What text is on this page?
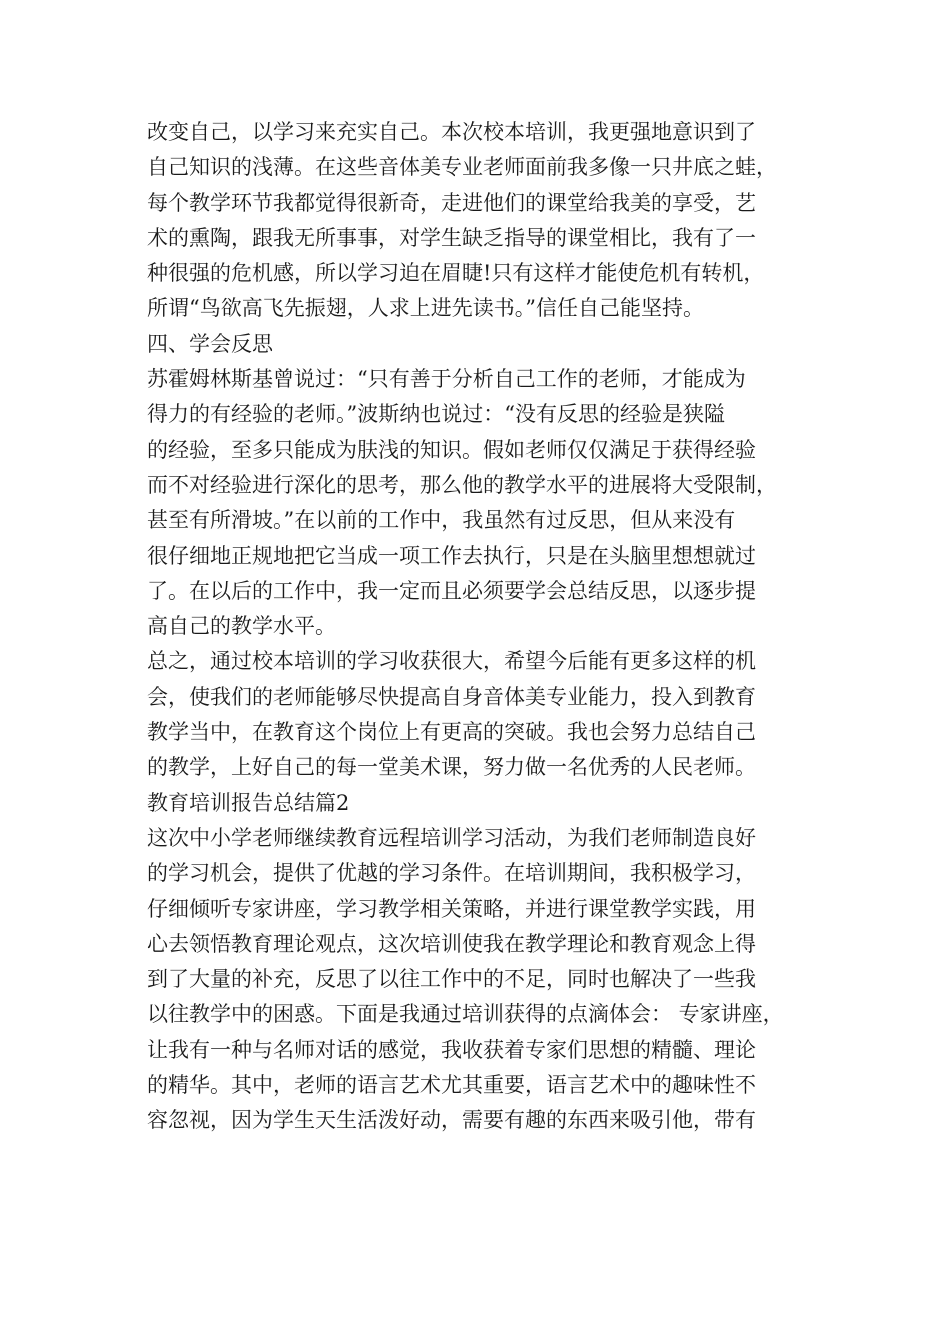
改变自己，以学习来充实自己。本次校本培训，我更强地意识到了
自己知识的浅薄。在这些音体美专业老师面前我多像一只井底之蛙，
每个教学环节我都觉得很新奇，走进他们的课堂给我美的享受，艺
术的熏陶，跟我无所事事，对学生缺乏指导的课堂相比，我有了一
种很强的危机感，所以学习迫在眉睫!只有这样才能使危机有转机，
所谓“鸟欲高飞先振翅，人求上进先读书。”信任自己能坚持。
四、学会反思
苏霍姆林斯基曾说过：“只有善于分析自己工作的老师，才能成为
得力的有经验的老师。”波斯纳也说过：“没有反思的经验是狭隘
的经验，至多只能成为肤浅的知识。假如老师仅仅满足于获得经验
而不对经验进行深化的思考，那么他的教学水平的进展将大受限制，
甚至有所滑坡。”在以前的工作中，我虽然有过反思，但从来没有
很仔细地正规地把它当成一项工作去执行，只是在头脑里想想就过
了。在以后的工作中，我一定而且必须要学会总结反思，以逐步提
高自己的教学水平。
总之，通过校本培训的学习收获很大，希望今后能有更多这样的机
会，使我们的老师能够尽快提高自身音体美专业能力，投入到教育
教学当中，在教育这个岗位上有更高的突破。我也会努力总结自己
的教学，上好自己的每一堂美术课，努力做一名优秀的人民老师。
教育培训报告总结篇2
这次中小学老师继续教育远程培训学习活动，为我们老师制造良好
的学习机会，提供了优越的学习条件。在培训期间，我积极学习，
仔细倾听专家讲座，学习教学相关策略，并进行课堂教学实践，用
心去领悟教育理论观点，这次培训使我在教学理论和教育观念上得
到了大量的补充，反思了以往工作中的不足，同时也解决了一些我
以往教学中的困惑。下面是我通过培训获得的点滴体会： 专家讲座，
让我有一种与名师对话的感觉，我收获着专家们思想的精髓、理论
的精华。其中，老师的语言艺术尤其重要，语言艺术中的趣味性不
容忽视，因为学生天生活泼好动，需要有趣的东西来吸引他，带有
